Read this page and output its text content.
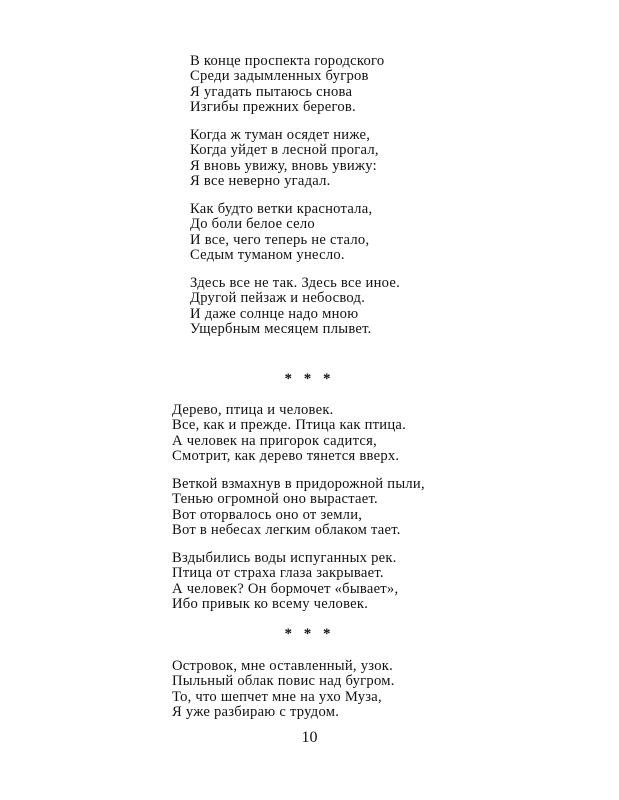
В конце проспекта городского
Среди задымленных бугров
Я угадать пытаюсь снова
Изгибы прежних берегов.
Когда ж туман осядет ниже,
Когда уйдет в лесной прогал,
Я вновь увижу, вновь увижу:
Я все неверно угадал.
Как будто ветки краснотала,
До боли белое село
И все, чего теперь не стало,
Седым туманом унесло.
Здесь все не так. Здесь все иное.
Другой пейзаж и небосвод.
И даже солнце надо мною
Ущербным месяцем плывет.
* * *
Дерево, птица и человек.
Все, как и прежде. Птица как птица.
А человек на пригорок садится,
Смотрит, как дерево тянется вверх.
Веткой взмахнув в придорожной пыли,
Тенью огромной оно вырастает.
Вот оторвалось оно от земли,
Вот в небесах легким облаком тает.
Вздыбились воды испуганных рек.
Птица от страха глаза закрывает.
А человек? Он бормочет «бывает»,
Ибо привык ко всему человек.
* * *
Островок, мне оставленный, узок.
Пыльный облак повис над бугром.
То, что шепчет мне на ухо Муза,
Я уже разбираю с трудом.
10
